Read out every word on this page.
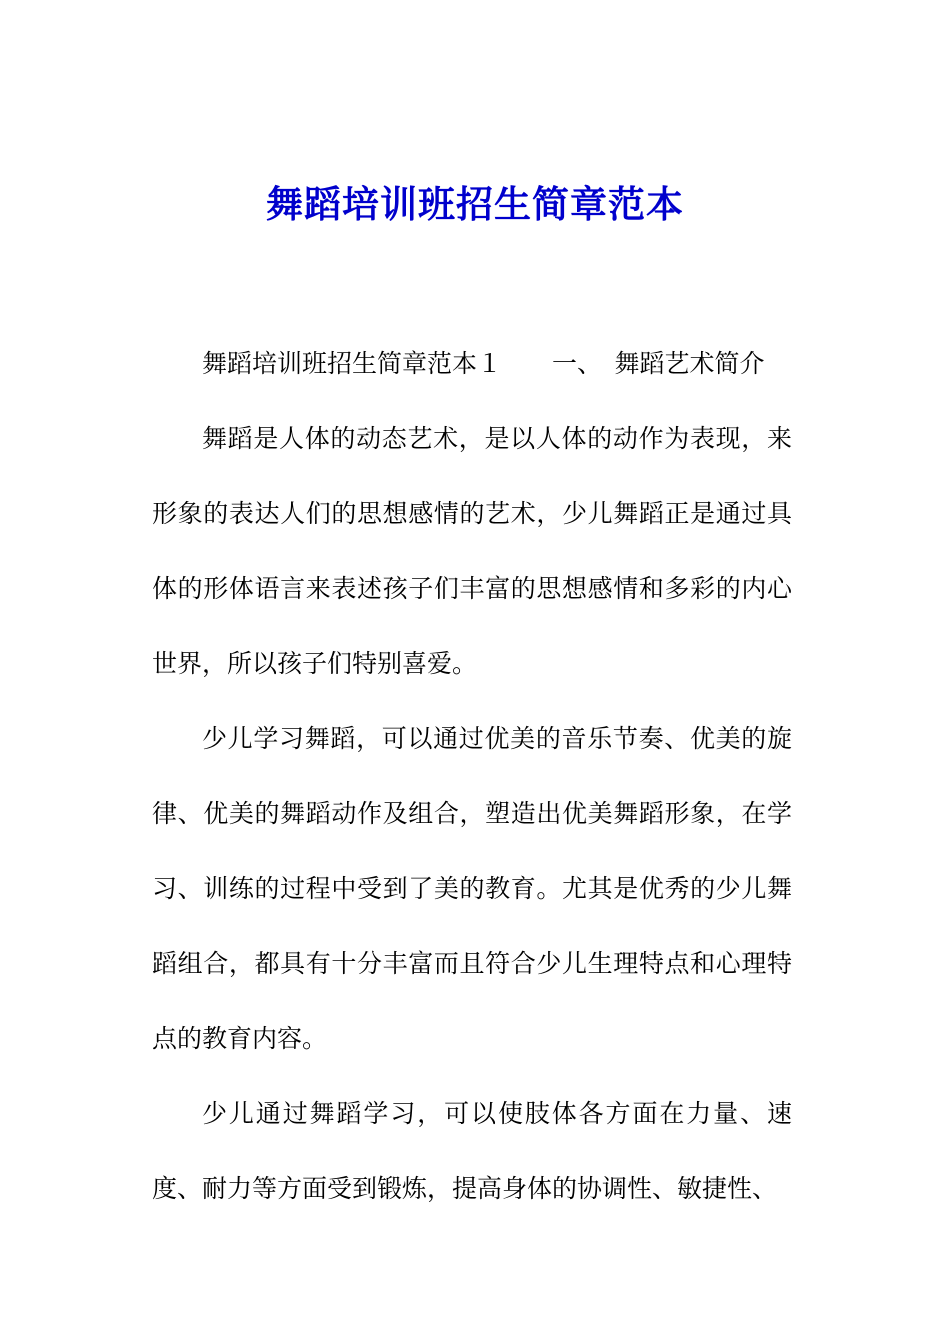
舞蹈培训班招生简章范本

舞蹈培训班招生简章范本１　　一、　舞蹈艺术简介

舞蹈是人体的动态艺术，是以人体的动作为表现，来形象的表达人们的思想感情的艺术，少儿舞蹈正是通过具体的形体语言来表述孩子们丰富的思想感情和多彩的内心世界，所以孩子们特别喜爱。

少儿学习舞蹈，可以通过优美的音乐节奏、优美的旋律、优美的舞蹈动作及组合，塑造出优美舞蹈形象，在学习、训练的过程中受到了美的教育。尤其是优秀的少儿舞蹈组合，都具有十分丰富而且符合少儿生理特点和心理特点的教育内容。

少儿通过舞蹈学习，可以使肢体各方面在力量、速度、耐力等方面受到锻炼，提高身体的协调性、敏捷性、
